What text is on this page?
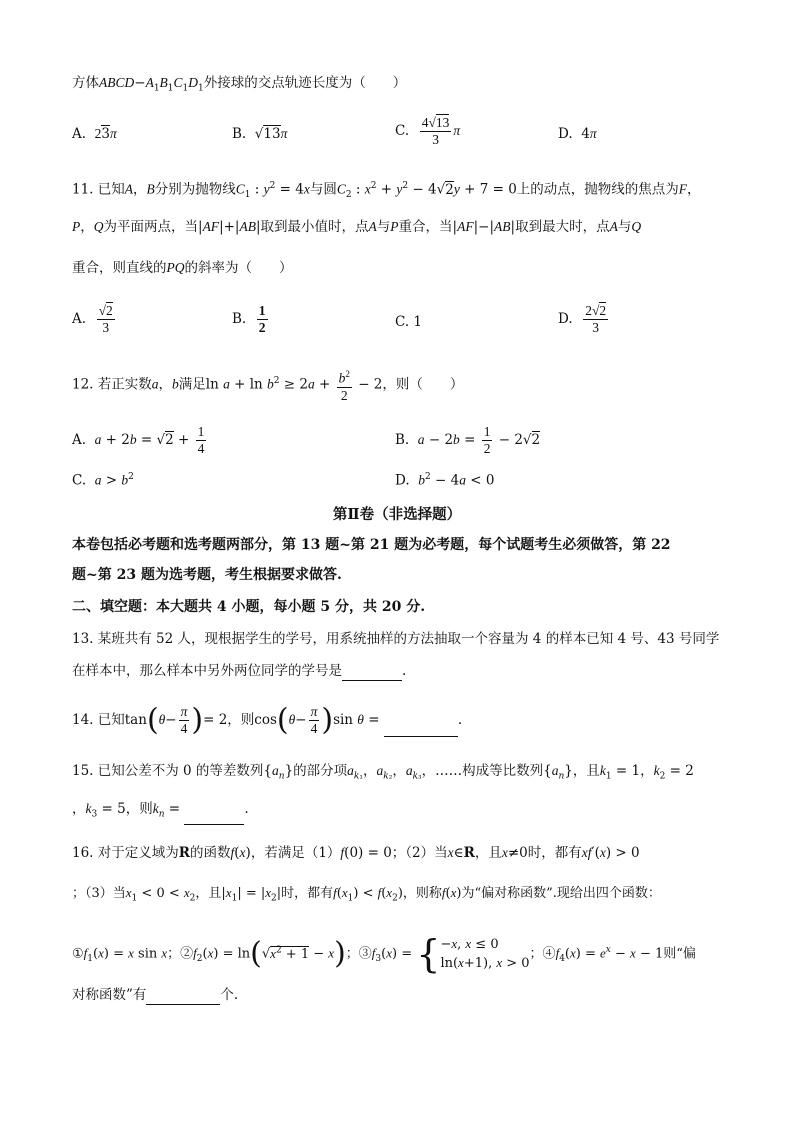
方体$ABCD-A_1B_1C_1D_1$外接球的交点轨迹长度为（　　）
A.  23π	B.  √13π	C. $\frac{4√13}{3}$ π	D.  4π
11. 已知A，B分别为抛物线$C_1$ : $y^2 = 4x$与圆$C_2$ : $x^2 + y^2 - 4√2y + 7 = 0$上的动点，抛物线的焦点为F，
P，Q为平面两点，当|AF|+|AB|取到最小值时，点A与P重合，当|AF|−|AB|取到最大时，点A与Q
重合，则直线的PQ的斜率为（　　）
A. $\frac{√2}{3}$	B. $\frac{1}{2}$	C. 1	D. $\frac{2√2}{3}$
12. 若正实数a，b满足$\ln a + \ln b^2 \ge 2a + \frac{b^2}{2} - 2$，则（　　）
A.  $a + 2b = √2 + \frac{1}{4}$	B.  $a - 2b = \frac{1}{2} - 2√2$
C.  $a > b^2$	D.  $b^2 - 4a < 0$
第Ⅱ卷（非选择题）
本卷包括必考题和选考题两部分，第 13 题~第 21 题为必考题，每个试题考生必须做答，第 22
题~第 23 题为选考题，考生根据要求做答.
二、填空题：本大题共 4 小题，每小题 5 分，共 20 分.
13. 某班共有 52 人，现根据学生的学号，用系统抽样的方法抽取一个容量为 4 的样本已知 4 号、43 号同学
在样本中，那么样本中另外两位同学的学号是	.
14. 已知$\tan(\theta- \frac{\pi}{4}$ )= 2，则$\cos(\theta- \frac{\pi}{4} )\sin$ θ =	.
15. 已知公差不为 0 的等差数列$\{a_n\}$的部分项$a_{k_1}$，$a_{k_2}$，$a_{k_3}$，……构成等比数列$\{a_n\}$，且$k_1 = 1$，$k_2 = 2$
，$k_3 = 5$，则$k_n$ =	.
16. 对于定义域为R的函数f(x)，若满足（1）f(0) = 0；（2）当x∈R，且x≠0时，都有xf′(x) > 0
；（3）当$x_1 < 0 < x_2$，且$|x_1| = |x_2|$时，都有$f(x_1) < f(x_2)$，则称f(x)为“偏对称函数”.现给出四个函数：
$①f_1(x) = x$ sin x；$②f_2(x) = \ln(√x^2 + 1 - x)$；$③f_3(x) = \{-x$, x ≤ 0
ln(x+1), x > 0；$④f_4(x) = e^x - x - 1$则“偏
对称函数”有	个.
